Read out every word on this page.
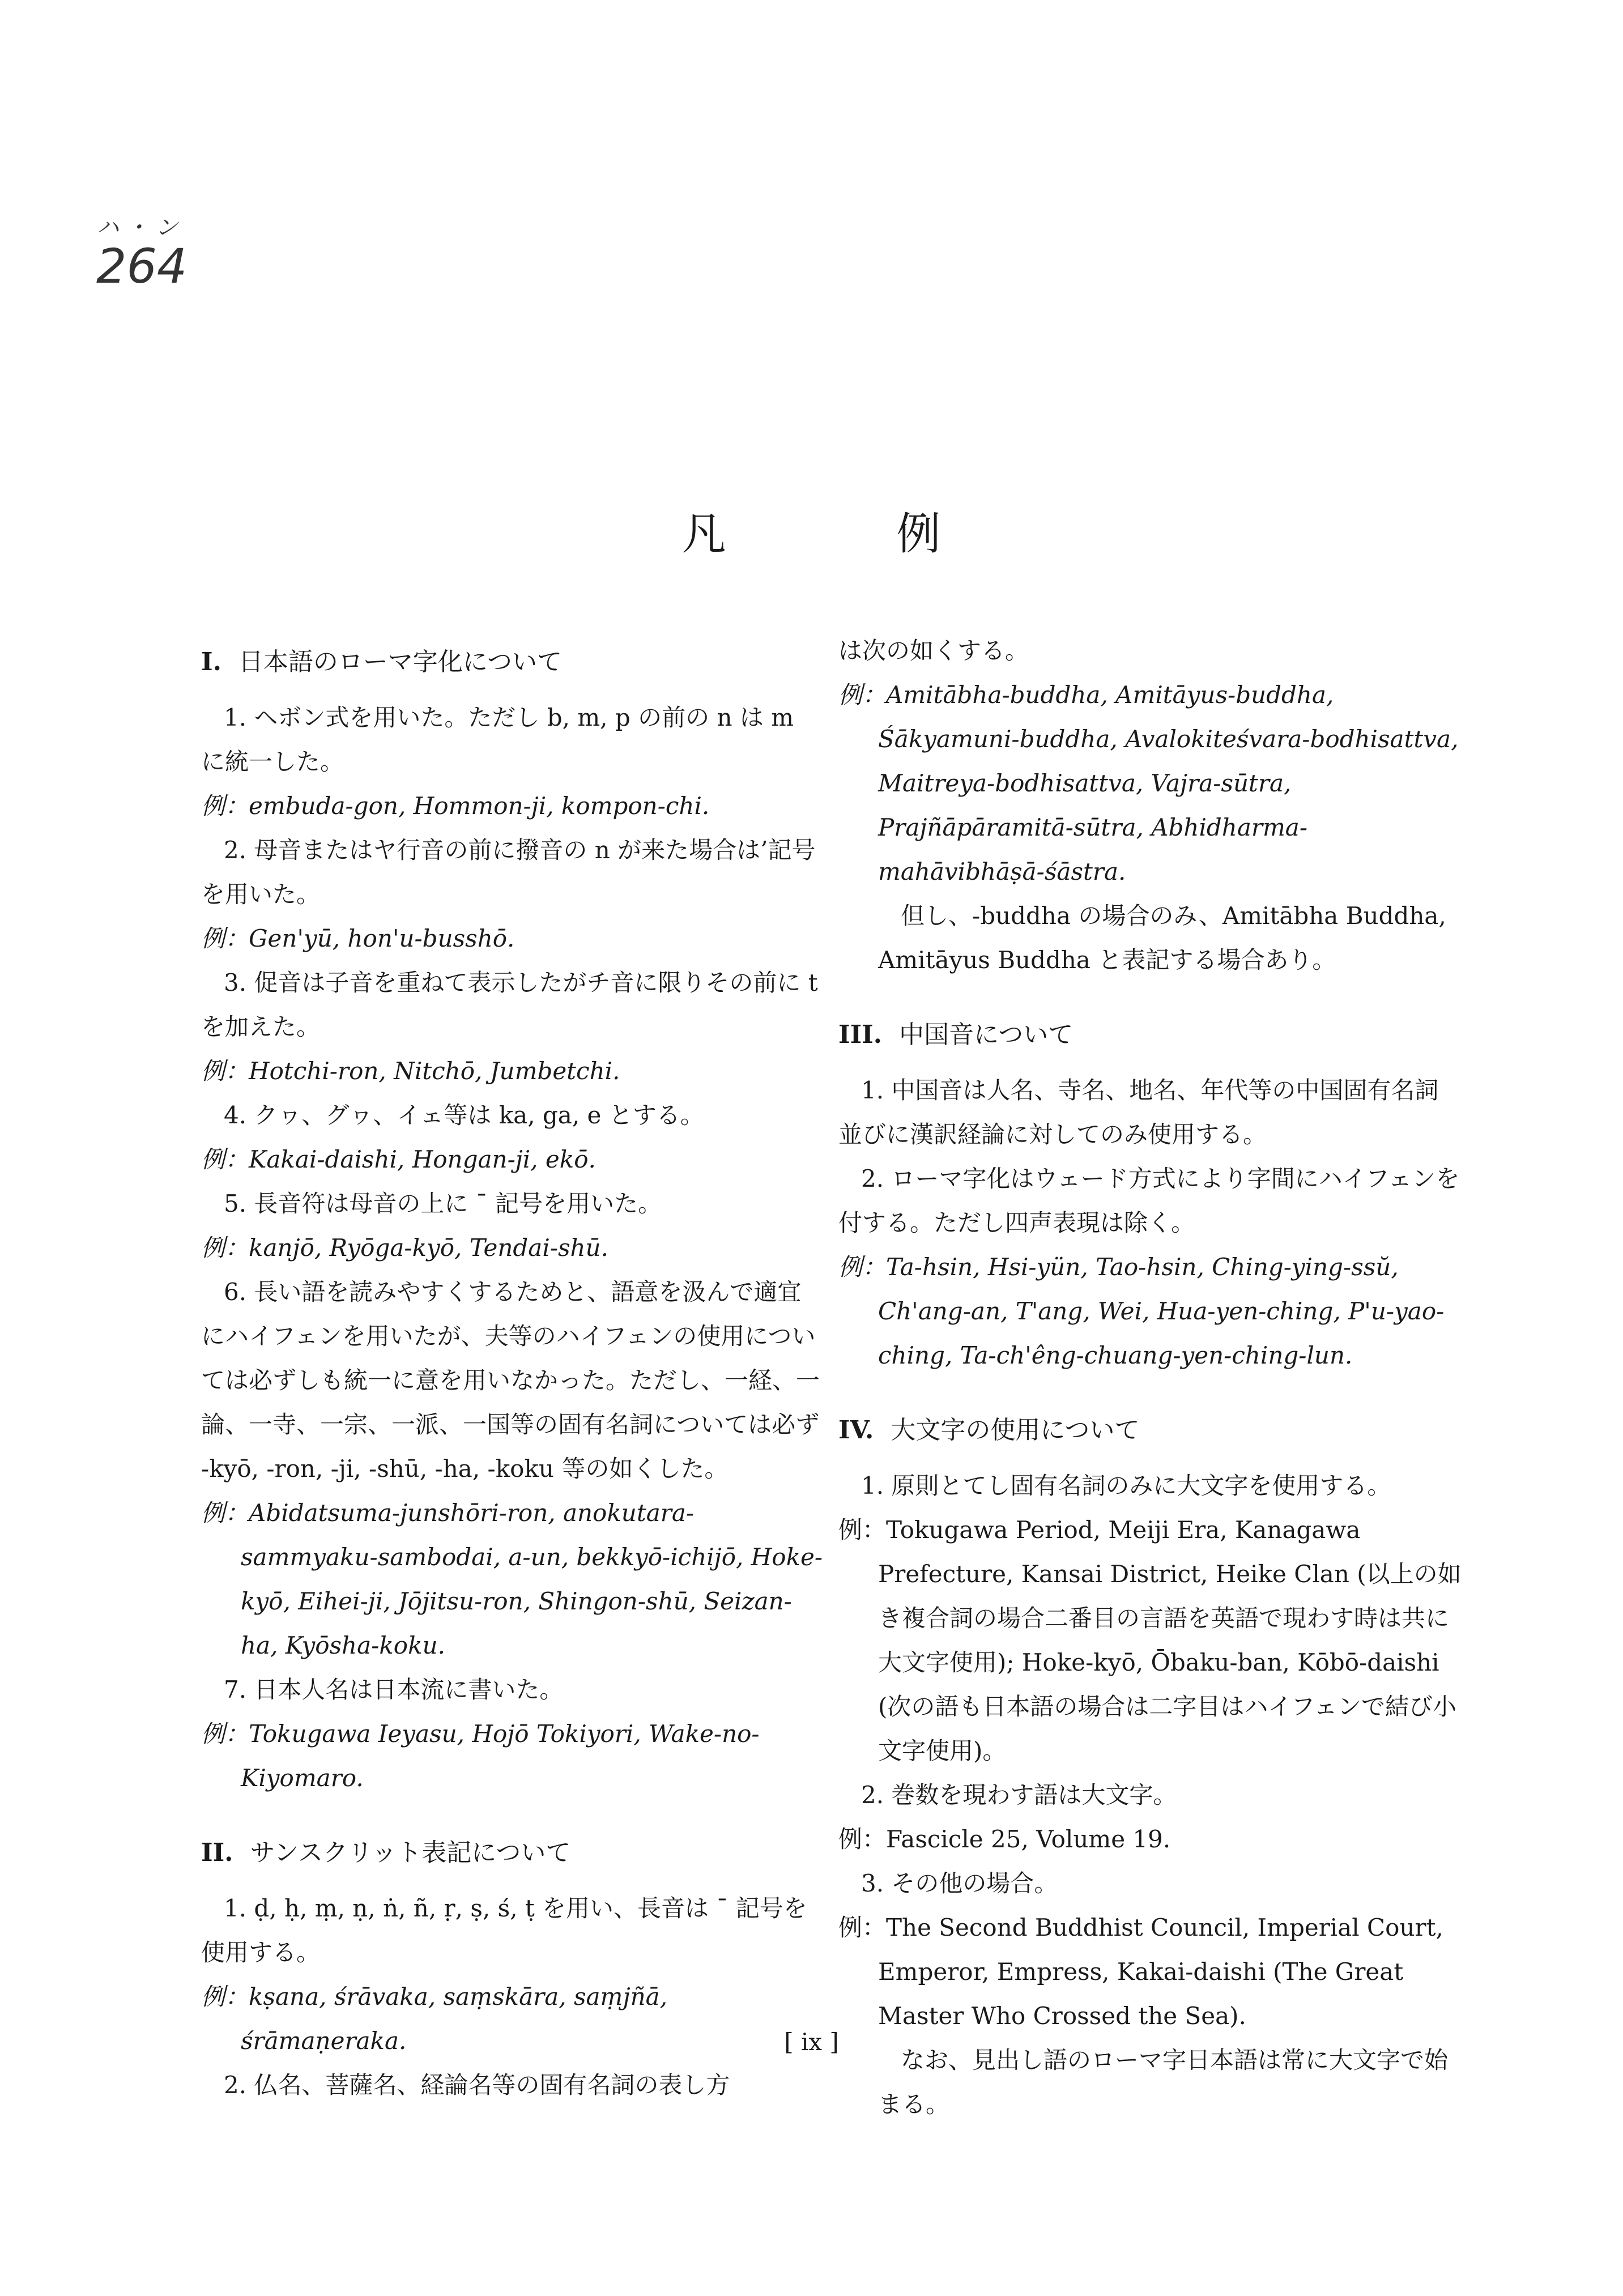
ハ・ン
264
凡	例
I. 日本語のローマ字化について

1. ヘボン式を用いた。ただし b, m, p の前の n は m に統一した。

例：embuda-gon, Hommon-ji, kompon-chi.

2. 母音またはヤ行音の前に撥音の n が来た場合は’記号を用いた。

例：Gen'yū, hon'u-busshō.

3. 促音は子音を重ねて表示したがチ音に限りその前に t を加えた。

例：Hotchi-ron, Nitchō, Jumbetchi.

4. クヮ、グヮ、イェ等は ka, ga, e とする。

例：Kakai-daishi, Hongan-ji, ekō.

5. 長音符は母音の上に ¯ 記号を用いた。

例：kanjō, Ryōga-kyō, Tendai-shū.

6. 長い語を読みやすくするためと、語意を汲んで適宜にハイフェンを用いたが、夫等のハイフェンの使用については必ずしも統一に意を用いなかった。ただし、一経、一論、一寺、一宗、一派、一国等の固有名詞については必ず -kyō, -ron, -ji, -shū, -ha, -koku 等の如くした。

例：Abidatsuma-junshōri-ron, anokutara-sammyaku-sambodai, a-un, bekkyō-ichijō, Hoke-kyō, Eihei-ji, Jōjitsu-ron, Shingon-shū, Seizan-ha, Kyōsha-koku.

7. 日本人名は日本流に書いた。

例：Tokugawa Ieyasu, Hojō Tokiyori, Wake-no-Kiyomaro.

II. サンスクリット表記について

1. ḍ, ḥ, ṃ, ṇ, ṅ, ñ, ṛ, ṣ, ś, ṭ を用い、長音は ¯ 記号を使用する。

例：kṣana, śrāvaka, saṃskāra, saṃjñā, śrāmaṇeraka.

2. 仏名、菩薩名、経論名等の固有名詞の表し方

は次の如くする。

例：Amitābha-buddha, Amitāyus-buddha, Śākyamuni-buddha, Avalokiteśvara-bodhisattva, Maitreya-bodhisattva, Vajra-sūtra, Prajñāpāramitā-sūtra, Abhidharma-mahāvibhāṣā-śāstra.

但し、-buddha の場合のみ、Amitābha Buddha, Amitāyus Buddha と表記する場合あり。

III. 中国音について

1. 中国音は人名、寺名、地名、年代等の中国固有名詞並びに漢訳経論に対してのみ使用する。

2. ローマ字化はウェード方式により字間にハイフェンを付する。ただし四声表現は除く。

例：Ta-hsin, Hsi-yün, Tao-hsin, Ching-ying-ssŭ, Ch'ang-an, T'ang, Wei, Hua-yen-ching, P'u-yao-ching, Ta-ch'êng-chuang-yen-ching-lun.

IV. 大文字の使用について

1. 原則とてし固有名詞のみに大文字を使用する。

例：Tokugawa Period, Meiji Era, Kanagawa Prefecture, Kansai District, Heike Clan (以上の如き複合詞の場合二番目の言語を英語で現わす時は共に大文字使用); Hoke-kyō, Ōbaku-ban, Kōbō-daishi (次の語も日本語の場合は二字目はハイフェンで結び小文字使用)。

2. 巻数を現わす語は大文字。

例：Fascicle 25, Volume 19.

3. その他の場合。

例：The Second Buddhist Council, Imperial Court, Emperor, Empress, Kakai-daishi (The Great Master Who Crossed the Sea).

なお、見出し語のローマ字日本語は常に大文字で始まる。

[ ix ]
